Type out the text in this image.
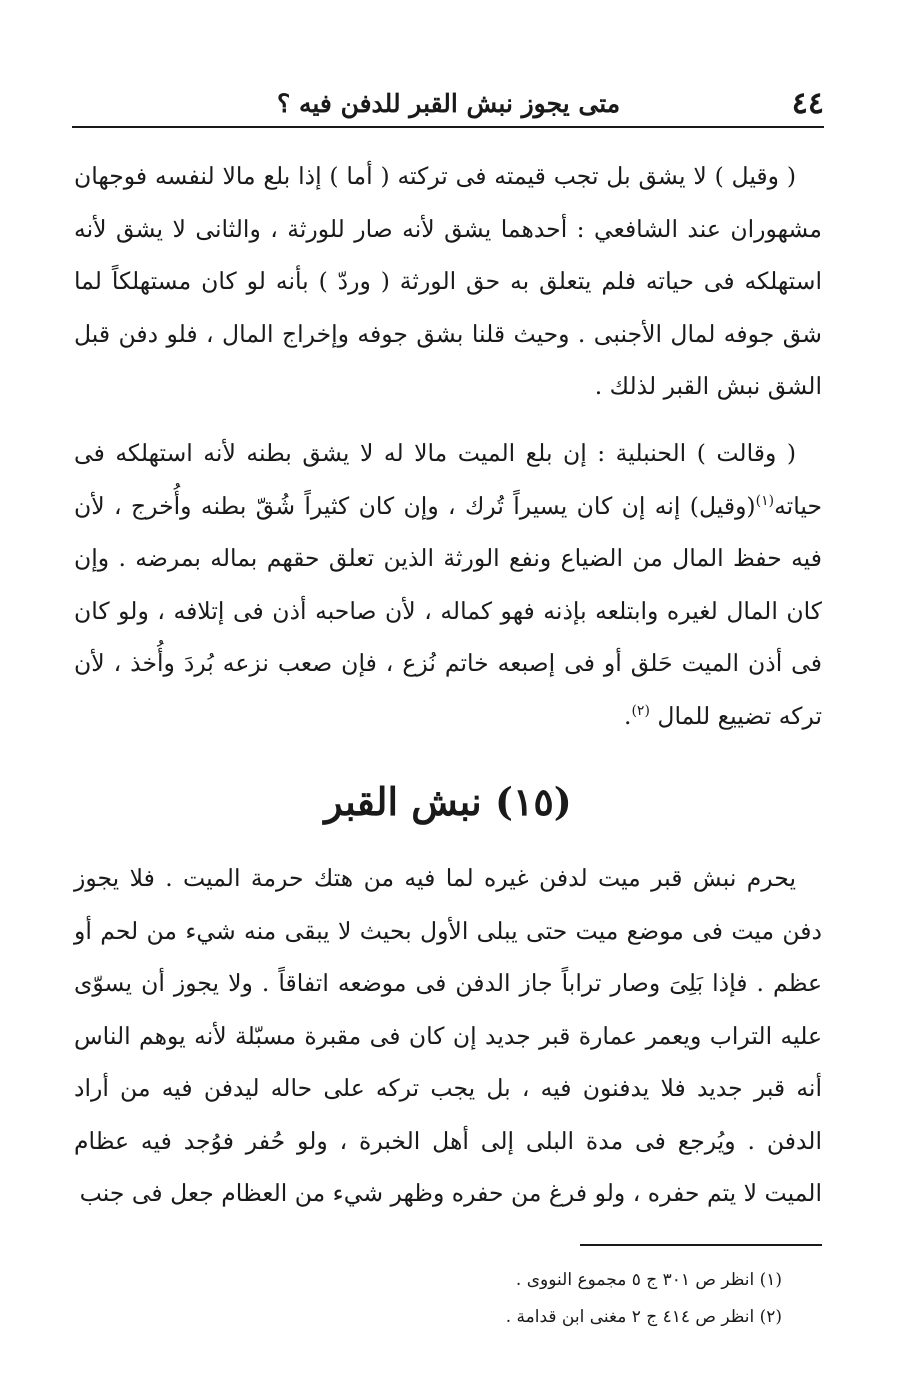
٤٤
متى يجوز نبش القبر للدفن فيه ؟

( وقيل ) لا يشق بل تجب قيمته فى تركته ( أما ) إذا بلع مالا لنفسه فوجهان مشهوران عند الشافعي : أحدهما يشق لأنه صار للورثة ، والثانى لا يشق لأنه استهلكه فى حياته فلم يتعلق به حق الورثة ( وردّ ) بأنه لو كان مستهلكاً لما شق جوفه لمال الأجنبى . وحيث قلنا بشق جوفه وإخراج المال ، فلو دفن قبل الشق نبش القبر لذلك .

( وقالت ) الحنبلية : إن بلع الميت مالا له لا يشق بطنه لأنه استهلكه فى حياته$^{(١)}$(وقيل) إنه إن كان يسيراً تُرك ، وإن كان كثيراً شُقّ بطنه وأُخرج ، لأن فيه حفظ المال من الضياع ونفع الورثة الذين تعلق حقهم بماله بمرضه . وإن كان المال لغيره وابتلعه بإذنه فهو كماله ، لأن صاحبه أذن فى إتلافه ، ولو كان فى أذن الميت حَلق أو فى إصبعه خاتم نُزع ، فإن صعب نزعه بُردَ وأُخذ ، لأن تركه تضييع للمال $^{(٢)}$.

(١٥) نبش القبر

يحرم نبش قبر ميت لدفن غيره لما فيه من هتك حرمة الميت . فلا يجوز دفن ميت فى موضع ميت حتى يبلى الأول بحيث لا يبقى منه شيء من لحم أو عظم . فإذا بَلِىَ وصار تراباً جاز الدفن فى موضعه اتفاقاً . ولا يجوز أن يسوّى عليه التراب ويعمر عمارة قبر جديد إن كان فى مقبرة مسبّلة لأنه يوهم الناس أنه قبر جديد فلا يدفنون فيه ، بل يجب تركه على حاله ليدفن فيه من أراد الدفن . ويُرجع فى مدة البلى إلى أهل الخبرة ، ولو حُفر فوُجد فيه عظام الميت لا يتم حفره ، ولو فرغ من حفره وظهر شيء من العظام جعل فى جنب

(١) انظر ص ٣٠١ ج ٥ مجموع النووى .

(٢) انظر ص ٤١٤ ج ٢ مغنى ابن قدامة .
